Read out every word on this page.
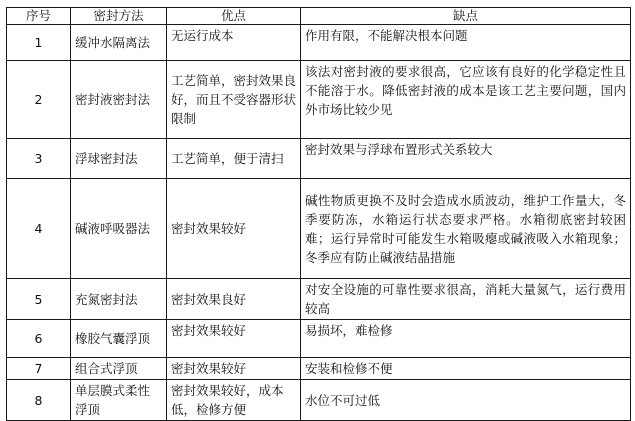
序号	密封方法	优点	缺点
1	缓冲水隔离法	无运行成本	作用有限，不能解决根本问题
2	密封液密封法	工艺简单，密封效果良好，而且不受容器形状限制	该法对密封液的要求很高，它应该有良好的化学稳定性且不能溶于水。降低密封液的成本是该工艺主要问题，国内外市场比较少见
3	浮球密封法	工艺简单，便于清扫	密封效果与浮球布置形式关系较大
4	碱液呼吸器法	密封效果较好	碱性物质更换不及时会造成水质波动，维护工作量大，冬季要防冻，水箱运行状态要求严格。水箱彻底密封较困难；运行异常时可能发生水箱吸瘪或碱液吸入水箱现象；冬季应有防止碱液结晶措施
5	充氮密封法	密封效果良好	对安全设施的可靠性要求很高，消耗大量氮气，运行费用较高
6	橡胶气囊浮顶	密封效果较好	易损坏，难检修
7	组合式浮顶	密封效果较好	安装和检修不便
8	单层膜式柔性浮顶	密封效果较好，成本低，检修方便	水位不可过低
